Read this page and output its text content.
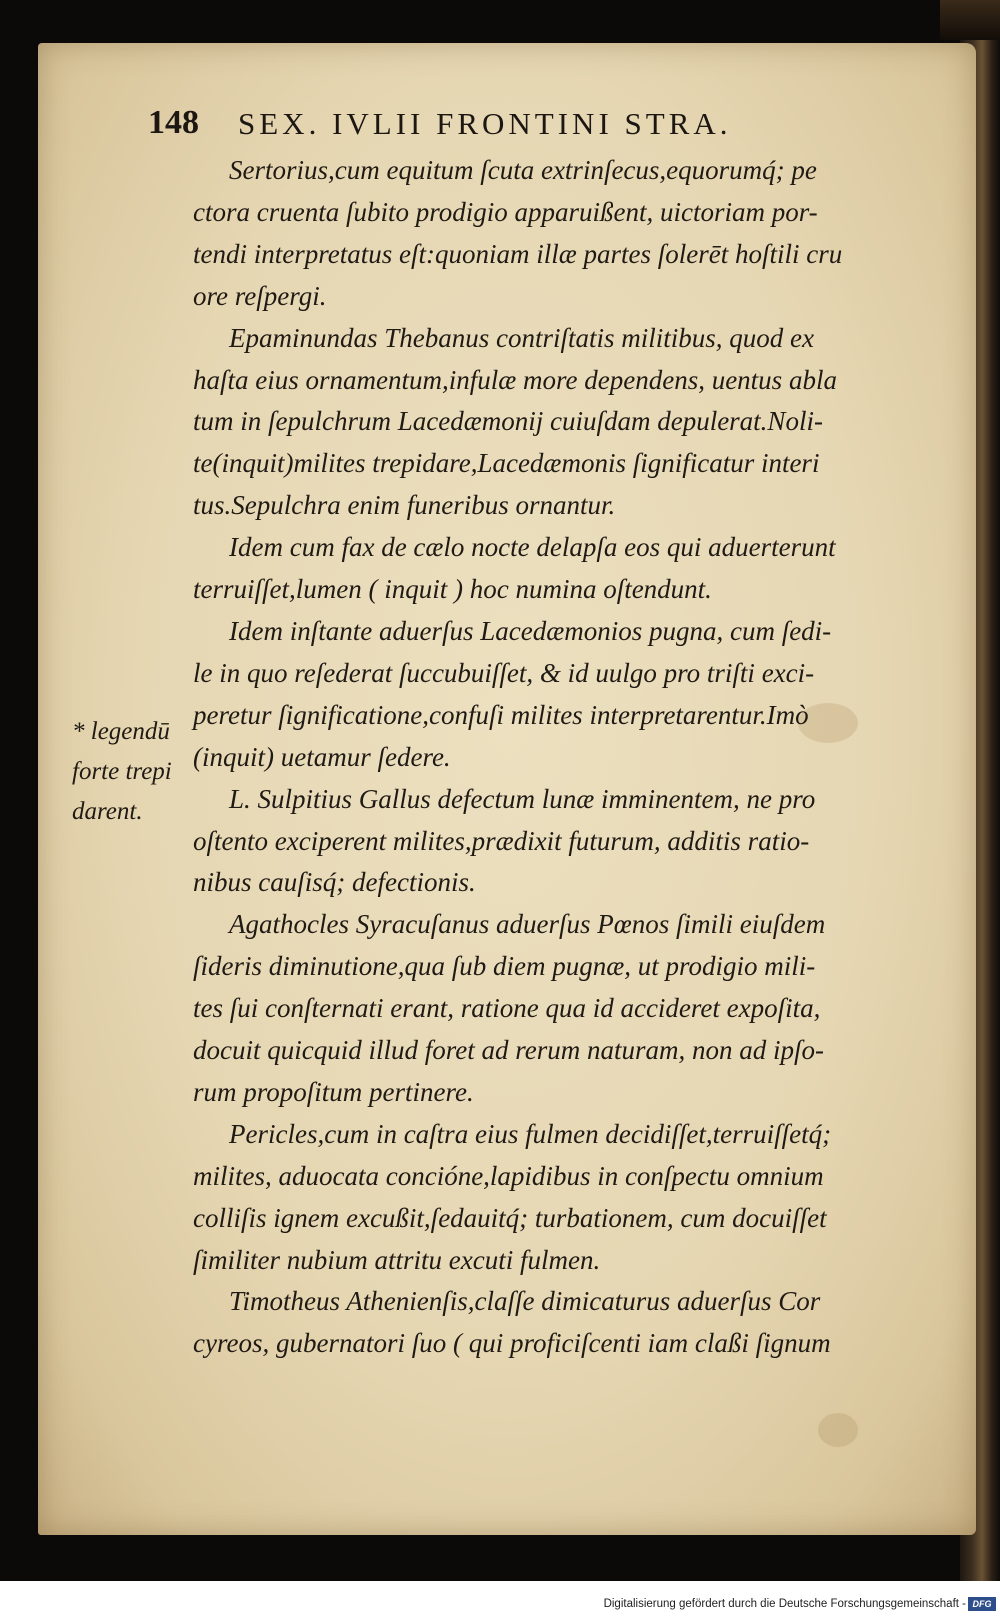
148 SEX. IVLII FRONTINI STRA.

Sertorius,cum equitum ſcuta extrinſecus,equorumq́; pe
ctora cruenta ſubito prodigio apparuißent, uictoriam por-
tendi interpretatus eſt:quoniam illæ partes ſolerēt hoſtili cru
ore reſpergi.

Epaminundas Thebanus contriſtatis militibus, quod ex
haſta eius ornamentum,infulæ more dependens, uentus abla
tum in ſepulchrum Lacedæmonij cuiuſdam depulerat.Noli-
te(inquit)milites trepidare,Lacedæmonis ſignificatur interi
tus.Sepulchra enim funeribus ornantur.

Idem cum fax de cælo nocte delapſa eos qui aduerterunt
terruiſſet,lumen ( inquit ) hoc numina oſtendunt.

Idem inſtante aduerſus Lacedæmonios pugna, cum ſedi-
le in quo reſederat ſuccubuiſſet, & id uulgo pro triſti exci-
peretur ſignificatione,confuſi milites interpretarentur.Imò
(inquit) uetamur ſedere.

L. Sulpitius Gallus defectum lunæ imminentem, ne pro
oſtento exciperent milites,prædixit futurum, additis ratio-
nibus cauſisq́; defectionis.

Agathocles Syracuſanus aduerſus Pœnos ſimili eiuſdem
ſideris diminutione,qua ſub diem pugnæ, ut prodigio mili-
tes ſui conſternati erant, ratione qua id accideret expoſita,
docuit quicquid illud foret ad rerum naturam, non ad ipſo-
rum propoſitum pertinere.

Pericles,cum in caſtra eius fulmen decidiſſet,terruiſſetq́;
milites, aduocata concióne,lapidibus in conſpectu omnium
colliſis ignem excußit,ſedauitq́; turbationem, cum docuiſſet
ſimiliter nubium attritu excuti fulmen.

Timotheus Athenienſis,claſſe dimicaturus aduerſus Cor
cyreos, gubernatori ſuo ( qui proficiſcenti iam claßi ſignum

* legendū
forte trepi
darent.
Digitalisierung gefördert durch die Deutsche Forschungsgemeinschaft - DFG
